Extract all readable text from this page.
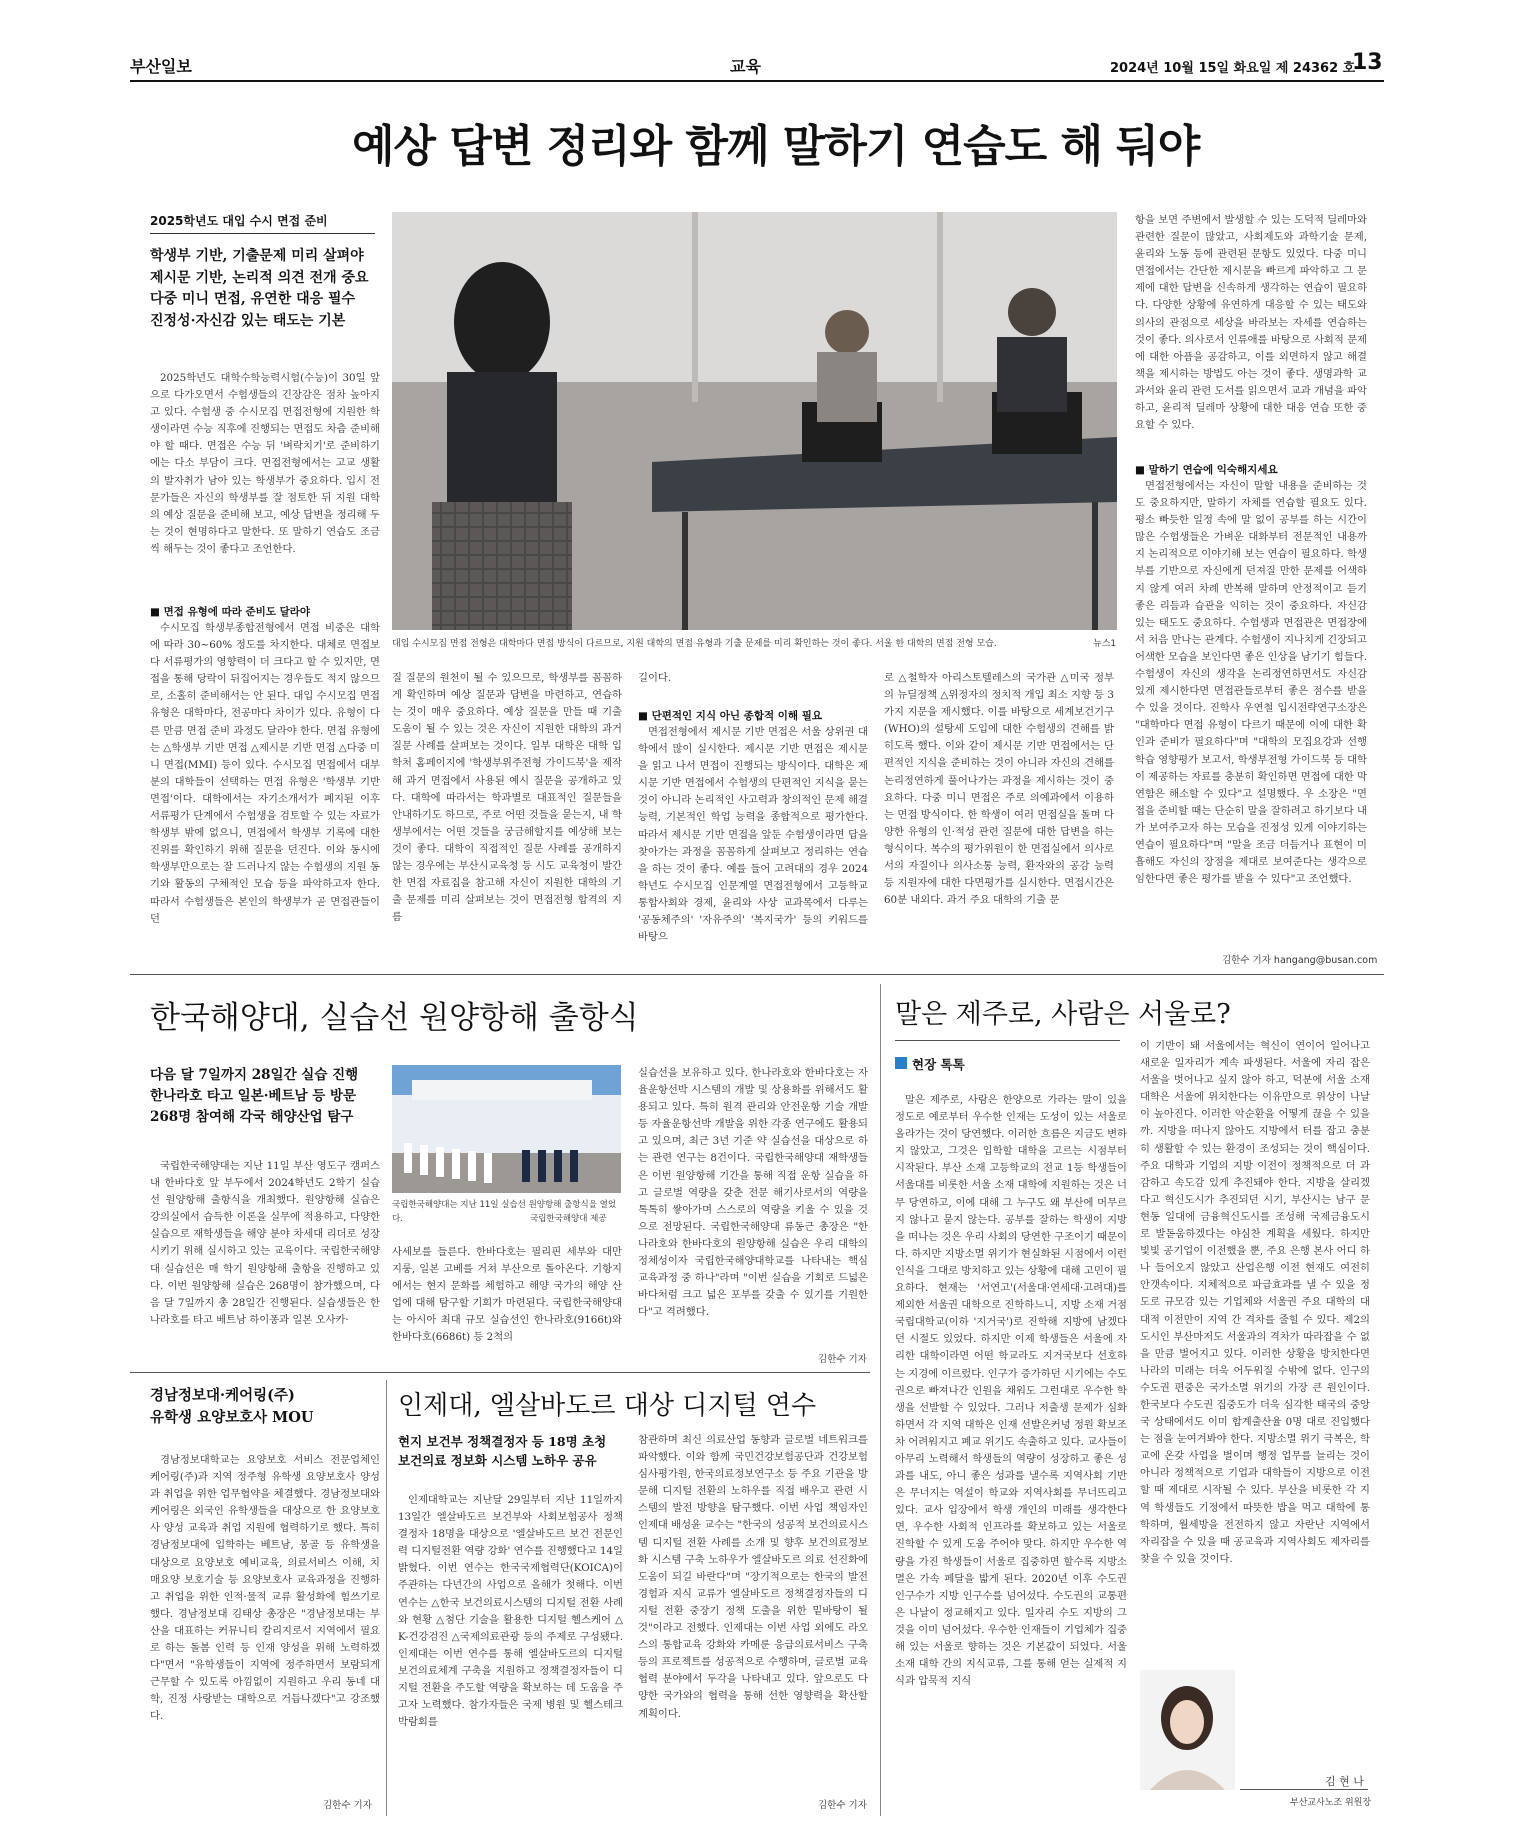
부산일보	교육	2024년 10월 15일 화요일 제 24362 호
13
예상 답변 정리와 함께 말하기 연습도 해 둬야
2025학년도 대입 수시 면접 준비
학생부 기반, 기출문제 미리 살펴야
제시문 기반, 논리적 의견 전개 중요
다중 미니 면접, 유연한 대응 필수
진정성·자신감 있는 태도는 기본

2025학년도 대학수학능력시험(수능)이 30일 앞으로 다가오면서 수험생들의 긴장감은 점차 높아지고 있다. 수험생 중 수시모집 면접전형에 지원한 학생이라면 수능 직후에 진행되는 면접도 차츰 준비해야 할 때다. 면접은 수능 뒤 '벼락치기'로 준비하기에는 다소 부담이 크다. 면접전형에서는 고교 생활의 발자취가 남아 있는 학생부가 중요하다. 입시 전문가들은 자신의 학생부를 잘 점토한 뒤 지원 대학의 예상 질문을 준비해 보고, 예상 답변을 정리해 두는 것이 현명하다고 말한다. 또 말하기 연습도 조금씩 해두는 것이 좋다고 조언한다.

■ 면접 유형에 따라 준비도 달라야

수시모집 학생부종합전형에서 면접 비중은 대학에 따라 30~60% 정도를 차지한다. 대체로 면접보다 서류평가의 영향력이 더 크다고 할 수 있지만, 면접을 통해 당락이 뒤집어지는 경우들도 적지 않으므로, 소홀히 준비해서는 안 된다. 대입 수시모집 면접 유형은 대학마다, 전공마다 차이가 있다. 유형이 다른 만큼 면접 준비 과정도 달라야 한다. 면접 유형에는 △학생부 기반 면접 △제시문 기반 면접 △다중 미니 면접(MMI) 등이 있다. 수시모집 면접에서 대부분의 대학들이 선택하는 면접 유형은 '학생부 기반 면접'이다. 대학에서는 자기소개서가 폐지된 이후 서류평가 단계에서 수험생을 검토할 수 있는 자료가 학생부 밖에 없으니, 면접에서 학생부 기록에 대한 진위를 확인하기 위해 질문을 던진다. 이와 동시에 학생부만으로는 잘 드러나지 않는 수험생의 지원 동기와 활동의 구체적인 모습 등을 파악하고자 한다. 따라서 수험생들은 본인의 학생부가 곧 면접관들이 던

대입 수시모집 면접 전형은 대학마다 면접 방식이 다르므로, 지원 대학의 면접 유형과 기출 문제를 미리 확인하는 것이 좋다. 서울 한 대학의 면접 전형 모습.	뉴스1

질 질문의 원천이 될 수 있으므로, 학생부를 꼼꼼하게 확인하며 예상 질문과 답변을 마련하고, 연습하는 것이 매우 중요하다. 예상 질문을 만들 때 기출 도움이 될 수 있는 것은 자신이 지원한 대학의 과거 질문 사례를 살펴보는 것이다. 일부 대학은 대학 입학처 홈페이지에 '학생부위주전형 가이드북'을 제작해 과거 면접에서 사용된 예시 질문을 공개하고 있다. 대학에 따라서는 학과별로 대표적인 질문들을 안내하기도 하므로, 주로 어떤 것들을 묻는지, 내 학생부에서는 어떤 것들을 궁금해할지를 예상해 보는 것이 좋다. 대학이 직접적인 질문 사례를 공개하지 않는 경우에는 부산시교육청 등 시도 교육청이 발간한 면접 자료집을 참고해 자신이 지원한 대학의 기출 문제를 미리 살펴보는 것이 면접전형 합격의 지름

길이다.

■ 단편적인 지식 아닌 종합적 이해 필요

면접전형에서 제시문 기반 면접은 서울 상위권 대학에서 많이 실시한다. 제시문 기반 면접은 제시문을 읽고 나서 면접이 진행되는 방식이다. 대학은 제시문 기반 면접에서 수험생의 단편적인 지식을 묻는 것이 아니라 논리적인 사고력과 창의적인 문제 해결 능력, 기본적인 학업 능력을 종합적으로 평가한다. 따라서 제시문 기반 면접을 앞둔 수험생이라면 답을 찾아가는 과정을 꼼꼼하게 살펴보고 정리하는 연습을 하는 것이 좋다. 예를 들어 고려대의 경우 2024학년도 수시모집 인문계열 면접전형에서 고등학교 통합사회와 경제, 윤리와 사상 교과목에서 다루는 '공동체주의' '자유주의' '복지국가' 등의 키워드를 바탕으

로 △철학자 아리스토텔레스의 국가관 △미국 정부의 뉴딜정책 △위정자의 정치적 개입 최소 지향 등 3가지 지문을 제시했다. 이를 바탕으로 세계보건기구(WHO)의 설탕세 도입에 대한 수험생의 견해를 밝히도록 했다. 이와 같이 제시문 기반 면접에서는 단편적인 지식을 준비하는 것이 아니라 자신의 견해를 논리정연하게 풀어나가는 과정을 제시하는 것이 중요하다. 다중 미니 면접은 주로 의예과에서 이용하는 면접 방식이다. 한 학생이 여러 면접실을 돌며 다양한 유형의 인·적성 관련 질문에 대한 답변을 하는 형식이다. 복수의 평가위원이 한 면접실에서 의사로서의 자질이나 의사소통 능력, 환자와의 공감 능력 등 지원자에 대한 다면평가를 실시한다. 면접시간은 60분 내외다. 과거 주요 대학의 기출 문

항을 보면 주변에서 발생할 수 있는 도덕적 딜레마와 관련한 질문이 많았고, 사회제도와 과학기술 문제, 윤리와 노동 등에 관련된 문항도 있었다. 다중 미니 면접에서는 간단한 제시문을 빠르게 파악하고 그 문제에 대한 답변을 신속하게 생각하는 연습이 필요하다. 다양한 상황에 유연하게 대응할 수 있는 태도와 의사의 관점으로 세상을 바라보는 자세를 연습하는 것이 좋다. 의사로서 인류애를 바탕으로 사회적 문제에 대한 아픔을 공감하고, 이를 외면하지 않고 해결책을 제시하는 방법도 아는 것이 좋다. 생명과학 교과서와 윤리 관련 도서를 읽으면서 교과 개념을 파악하고, 윤리적 딜레마 상황에 대한 대응 연습 또한 중요할 수 있다.

■ 말하기 연습에 익숙해지세요

면접전형에서는 자신이 말할 내용을 준비하는 것도 중요하지만, 말하기 자체를 연습할 필요도 있다. 평소 빠듯한 일정 속에 말 없이 공부를 하는 시간이 많은 수험생들은 가벼운 대화부터 전문적인 내용까지 논리적으로 이야기해 보는 연습이 필요하다. 학생부를 기반으로 자신에게 던져질 만한 문제를 어색하지 않게 여러 차례 반복해 말하며 안정적이고 듣기 좋은 리듬과 습관을 익히는 것이 중요하다. 자신감 있는 태도도 중요하다. 수험생과 면접관은 면접장에서 처음 만나는 관계다. 수험생이 지나치게 긴장되고 어색한 모습을 보인다면 좋은 인상을 남기기 힘들다. 수험생이 자신의 생각을 논리정연하면서도 자신감 있게 제시한다면 면접관들로부터 좋은 점수를 받을 수 있을 것이다. 진학사 우연철 입시전략연구소장은 "대학마다 면접 유형이 다르기 때문에 이에 대한 확인과 준비가 필요하다"며 "대학의 모집요강과 선행학습 영향평가 보고서, 학생부전형 가이드북 등 대학이 제공하는 자료를 충분히 확인하면 면접에 대한 막연함은 해소할 수 있다"고 설명했다. 우 소장은 "면접을 준비할 때는 단순히 말을 잘하려고 하기보다 내가 보여주고자 하는 모습을 진정성 있게 이야기하는 연습이 필요하다"며 "말을 조금 더듬거나 표현이 미흡해도 자신의 장점을 제대로 보여준다는 생각으로 임한다면 좋은 평가를 받을 수 있다"고 조언했다.

김한수 기자 hangang@busan.com
한국해양대, 실습선 원양항해 출항식
다음 달 7일까지 28일간 실습 진행
한나라호 타고 일본·베트남 등 방문
268명 참여해 각국 해양산업 탐구

국립한국해양대는 지난 11일 부산 영도구 캠퍼스 내 한바다호 앞 부두에서 2024학년도 2학기 실습선 원양항해 출항식을 개최했다. 원양항해 실습은 강의실에서 습득한 이론을 실무에 적용하고, 다양한 실습으로 재학생들을 해양 분야 차세대 리더로 성장시키기 위해 실시하고 있는 교육이다. 국립한국해양대 실습선은 매 학기 원양항해 출항을 진행하고 있다. 이번 원양항해 실습은 268명이 참가했으며, 다음 달 7일까지 총 28일간 진행된다. 실습생들은 한나라호를 타고 베트남 하이퐁과 일본 오사카·

국립한국해양대는 지난 11일 실습선 원양항해 출항식을 열었다.	국립한국해양대 제공

사세보를 들른다. 한바다호는 필리핀 세부와 대만 지룽, 일본 고베를 거쳐 부산으로 돌아온다. 기항지에서는 현지 문화를 체험하고 해양 국가의 해양 산업에 대해 탐구할 기회가 마련된다. 국립한국해양대는 아시아 최대 규모 실습선인 한나라호(9166t)와 한바다호(6686t) 등 2척의

실습선을 보유하고 있다. 한나라호와 한바다호는 자율운항선박 시스템의 개발 및 상용화를 위해서도 활용되고 있다. 특히 원격 관리와 안전운항 기술 개발 등 자율운항선박 개발을 위한 각종 연구에도 활용되고 있으며, 최근 3년 기준 약 실습선을 대상으로 하는 관련 연구는 8건이다. 국립한국해양대 재학생들은 이번 원양항해 기간을 통해 직접 운항 실습을 하고 글로벌 역량을 갖춘 전문 해기사로서의 역량을 톡톡히 쌓아가며 스스로의 역량을 키울 수 있을 것으로 전망된다. 국립한국해양대 류동근 총장은 "한나라호와 한바다호의 원양항해 실습은 우리 대학의 정체성이자 국립한국해양대학교를 나타내는 핵심 교육과정 중 하나"라며 "이번 실습을 기회로 드넓은 바다처럼 크고 넓은 포부를 갖출 수 있기를 기원한다"고 격려했다.

김한수 기자
경남정보대·케어링(주)
유학생 요양보호사 MOU

경남정보대학교는 요양보호 서비스 전문업체인 케어링(주)과 지역 정주형 유학생 요양보호사 양성과 취업을 위한 업무협약을 체결했다. 경남정보대와 케어링은 외국인 유학생들을 대상으로 한 요양보호사 양성 교육과 취업 지원에 협력하기로 했다. 특히 경남정보대에 입학하는 베트남, 몽골 등 유학생을 대상으로 요양보호 예비교육, 의료서비스 이해, 치매요양 보호기술 등 요양보호사 교육과정을 진행하고 취업을 위한 인적·물적 교류 활성화에 힘쓰기로 했다. 경남정보대 김태상 총장은 "경남정보대는 부산을 대표하는 커뮤니티 칼리지로서 지역에서 필요로 하는 돌봄 인력 등 인재 양성을 위해 노력하겠다"면서 "유학생들이 지역에 정주하면서 보람되게 근무할 수 있도록 아낌없이 지원하고 우리 동네 대학, 진정 사랑받는 대학으로 거듭나겠다"고 강조했다.

김한수 기자
인제대, 엘살바도르 대상 디지털 연수
현지 보건부 정책결정자 등 18명 초청
보건의료 정보화 시스템 노하우 공유

인제대학교는 지난달 29일부터 지난 11일까지 13일간 엘살바도르 보건부와 사회보험공사 정책결정자 18명을 대상으로 '엘살바도르 보건 전문인력 디지털전환 역량 강화' 연수를 진행했다고 14일 밝혔다. 이번 연수는 한국국제협력단(KOICA)이 주관하는 다년간의 사업으로 올해가 첫해다. 이번 연수는 △한국 보건의료시스템의 디지털 전환 사례와 현황 △첨단 기술을 활용한 디지털 헬스케어 △K-건강검진 △국제의료관광 등의 주제로 구성됐다. 인제대는 이번 연수를 통해 엘살바도르의 디지털 보건의료체계 구축을 지원하고 정책결정자들이 디지털 전환을 주도할 역량을 확보하는 데 도움을 주고자 노력했다. 참가자들은 국제 병원 및 헬스테크 박람회를

참관하며 최신 의료산업 동향과 글로벌 네트워크를 파악했다. 이와 함께 국민건강보험공단과 건강보험심사평가원, 한국의료정보연구소 등 주요 기관을 방문해 디지털 전환의 노하우를 직접 배우고 관련 시스템의 발전 방향을 탐구했다. 이번 사업 책임자인 인제대 배성윤 교수는 "한국의 성공적 보건의료시스템 디지털 전환 사례를 소개 및 향후 보건의료정보화 시스템 구축 노하우가 엘살바도르 의료 선진화에 도움이 되길 바란다"며 "장기적으로는 한국의 발전 경험과 지식 교류가 엘살바도르 정책결정자들의 디지털 전환 중장기 정책 도출을 위한 밑바탕이 될 것"이라고 전했다. 인제대는 이번 사업 외에도 라오스의 통합교육 강화와 카메룬 응급의료서비스 구축 등의 프로젝트를 성공적으로 수행하며, 글로벌 교육 협력 분야에서 두각을 나타내고 있다. 앞으로도 다양한 국가와의 협력을 통해 선한 영향력을 확산할 계획이다.

김한수 기자
말은 제주로, 사람은 서울로?
현장 톡톡

말은 제주로, 사람은 한양으로 가라는 말이 있을 정도로 예로부터 우수한 인재는 도성이 있는 서울로 올라가는 것이 당연했다. 이러한 흐름은 지금도 변하지 않았고, 그것은 입학할 대학을 고르는 시점부터 시작된다. 부산 소재 고등학교의 전교 1등 학생들이 서울대를 비롯한 서울 소재 대학에 지원하는 것은 너무 당연하고, 이에 대해 그 누구도 왜 부산에 머무르지 않나고 묻지 않는다. 공부를 잘하는 학생이 지방을 떠나는 것은 우리 사회의 당연한 구조이기 때문이다. 하지만 지방소멸 위기가 현실화된 시점에서 이런 인식을 그대로 방치하고 있는 상황에 대해 고민이 필요하다. 현재는 '서연고'(서울대·연세대·고려대)를 제외한 서울권 대학으로 진학하느니, 지방 소재 거점 국립대학교(이하 '지거국')로 진학해 지방에 남겠다던 시절도 있었다. 하지만 이제 학생들은 서울에 자리한 대학이라면 어떤 학교라도 지거국보다 선호하는 지경에 이르렀다. 인구가 증가하던 시기에는 수도권으로 빠져나간 인원을 채워도 그런대로 우수한 학생을 선발할 수 있었다. 그러나 저출생 문제가 심화하면서 각 지역 대학은 인재 선발은커녕 정원 확보조차 어려워지고 폐교 위기도 속출하고 있다. 교사들이 아무리 노력해서 학생들의 역량이 성장하고 좋은 성과를 내도, 아니 좋은 성과를 낼수록 지역사회 기반은 무너지는 역설이 학교와 지역사회를 무너뜨리고 있다. 교사 입장에서 학생 개인의 미래를 생각한다면, 우수한 사회적 인프라를 확보하고 있는 서울로 진학할 수 있게 도움 주어야 맞다. 하지만 우수한 역량을 가진 학생들이 서울로 집중하면 할수록 지방소멸은 가속 페달을 밟게 된다. 2020년 이후 수도권 인구수가 지방 인구수를 넘어섰다. 수도권의 교통편은 나날이 정교해지고 있다. 일자리 수도 지방의 그것을 이미 넘어섰다. 우수한 인재들이 기업체가 집중해 있는 서울로 향하는 것은 기본값이 되었다. 서울 소재 대학 간의 지식교류, 그를 통해 얻는 실제적 지식과 압묵적 지식

이 기반이 돼 서울에서는 혁신이 연이어 일어나고 새로운 일자리가 계속 파생된다. 서울에 자리 잡은 서울을 벗어나고 싶지 않아 하고, 덕분에 서울 소재 대학은 서울에 위치한다는 이유만으로 위상이 나날이 높아진다. 이러한 악순환을 어떻게 끊을 수 있을까. 지방을 떠나지 않아도 지방에서 터를 잡고 충분히 생활할 수 있는 환경이 조성되는 것이 핵심이다. 주요 대학과 기업의 지방 이전이 정책적으로 더 과감하고 속도감 있게 추진돼야 한다. 지방을 살리겠다고 혁신도시가 추진되던 시기, 부산시는 남구 문현동 일대에 금융혁신도시를 조성해 국제금융도시로 발돋움하겠다는 야심찬 계획을 세웠다. 하지만 빛빛 공기업이 이전했을 뿐, 주요 은행 본사 어디 하나 들어오지 않았고 산업은행 이전 현재도 여전히 안갯속이다. 지체적으로 파급효과를 낼 수 있을 정도로 규모감 있는 기업체와 서울권 주요 대학의 대대적 이전만이 지역 간 격차를 줄힐 수 있다. 제2의 도시인 부산마저도 서울과의 격차가 따라잡을 수 없을 만큼 벌어지고 있다. 이러한 상황을 방치한다면 나라의 미래는 더욱 어두워질 수밖에 없다. 인구의 수도권 편중은 국가소멸 위기의 가장 큰 원인이다. 한국보다 수도권 집중도가 더욱 심각한 태국의 중앙국 상태에서도 이미 합계출산율 0명 대로 진입했다는 점을 눈여겨봐야 한다. 지방소멸 위기 극복은, 학교에 온갖 사업을 벌이며 행정 업무를 늘리는 것이 아니라 정책적으로 기업과 대학들이 지방으로 이전할 때 제대로 시작될 수 있다. 부산을 비롯한 각 지역 학생들도 기정에서 따뜻한 밥을 먹고 대학에 통학하며, 월세방을 전전하지 않고 자란난 지역에서 자리잡을 수 있을 때 공교육과 지역사회도 제자리를 찾을 수 있을 것이다.

김 현 나
부산교사노조 위원장
